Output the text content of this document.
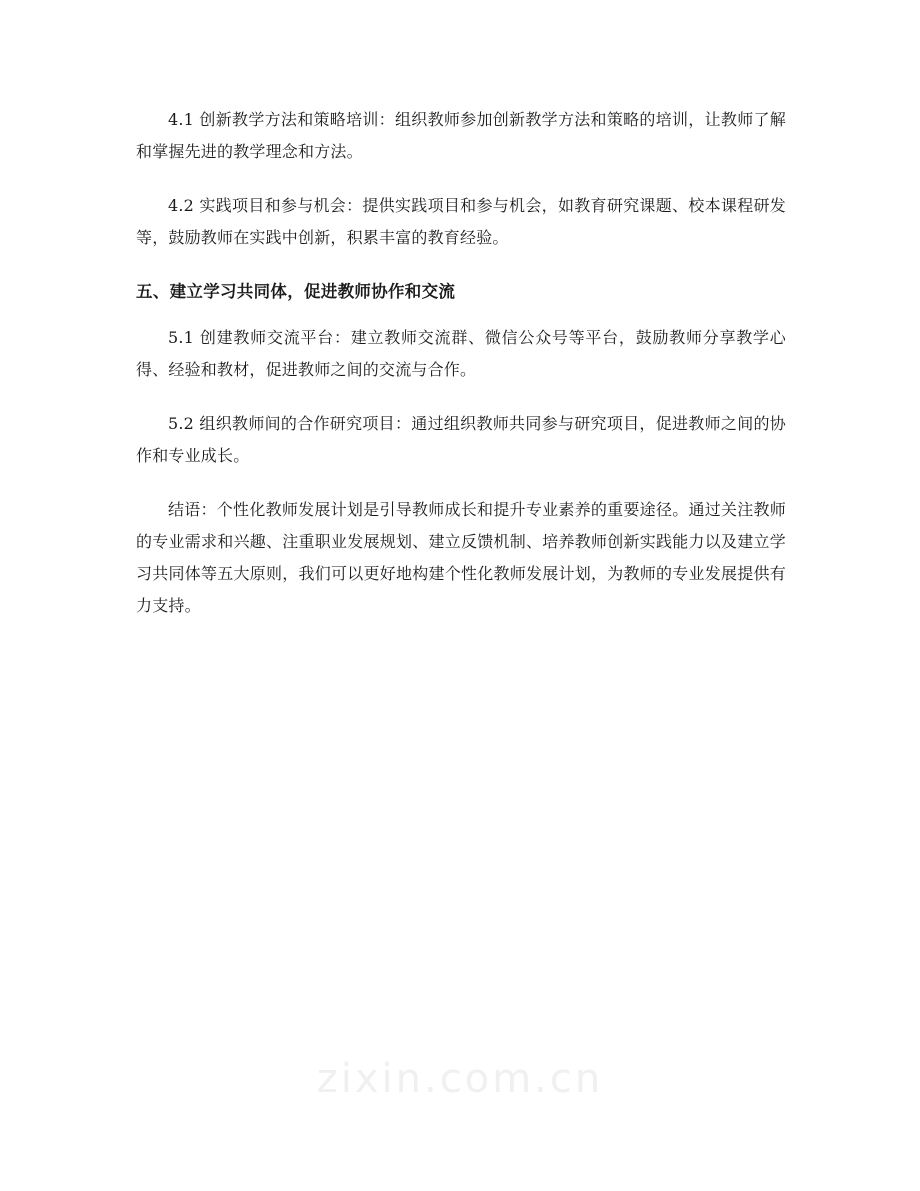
4.1 创新教学方法和策略培训：组织教师参加创新教学方法和策略的培训，让教师了解和掌握先进的教学理念和方法。

4.2 实践项目和参与机会：提供实践项目和参与机会，如教育研究课题、校本课程研发等，鼓励教师在实践中创新，积累丰富的教育经验。

五、建立学习共同体，促进教师协作和交流

5.1 创建教师交流平台：建立教师交流群、微信公众号等平台，鼓励教师分享教学心得、经验和教材，促进教师之间的交流与合作。

5.2 组织教师间的合作研究项目：通过组织教师共同参与研究项目，促进教师之间的协作和专业成长。

结语：个性化教师发展计划是引导教师成长和提升专业素养的重要途径。通过关注教师的专业需求和兴趣、注重职业发展规划、建立反馈机制、培养教师创新实践能力以及建立学习共同体等五大原则，我们可以更好地构建个性化教师发展计划，为教师的专业发展提供有力支持。

zixin.com.cn
